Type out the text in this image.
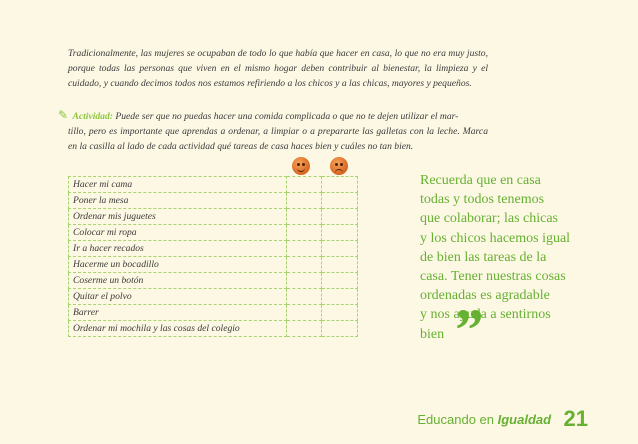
Tradicionalmente, las mujeres se ocupaban de todo lo que había que hacer en casa, lo que no era muy justo, porque todas las personas que viven en el mismo hogar deben contribuir al bienestar, la limpieza y el cuidado, y cuando decimos todos nos estamos refiriendo a los chicos y a las chicas, mayores y pequeños.
✎ Actividad: Puede ser que no puedas hacer una comida complicada o que no te dejen utilizar el mar-
tillo, pero es importante que aprendas a ordenar, a limpiar o a prepararte las galletas con la leche. Marca en la casilla al lado de cada actividad qué tareas de casa haces bien y cuáles no tan bien.
Hacer mi cama		
Poner la mesa		
Ordenar mis juguetes		
Colocar mi ropa		
Ir a hacer recados		
Hacerme un bocadillo		
Coserme un botón		
Quitar el polvo		
Barrer		
Ordenar mi mochila y las cosas del colegio		
Recuerda que en casa
todas y todos tenemos
que colaborar; las chicas
y los chicos hacemos igual
de bien las tareas de la
casa. Tener nuestras cosas
ordenadas es agradable
y nos ayuda a sentirnos
bien ”
Educando en Igualdad 21
